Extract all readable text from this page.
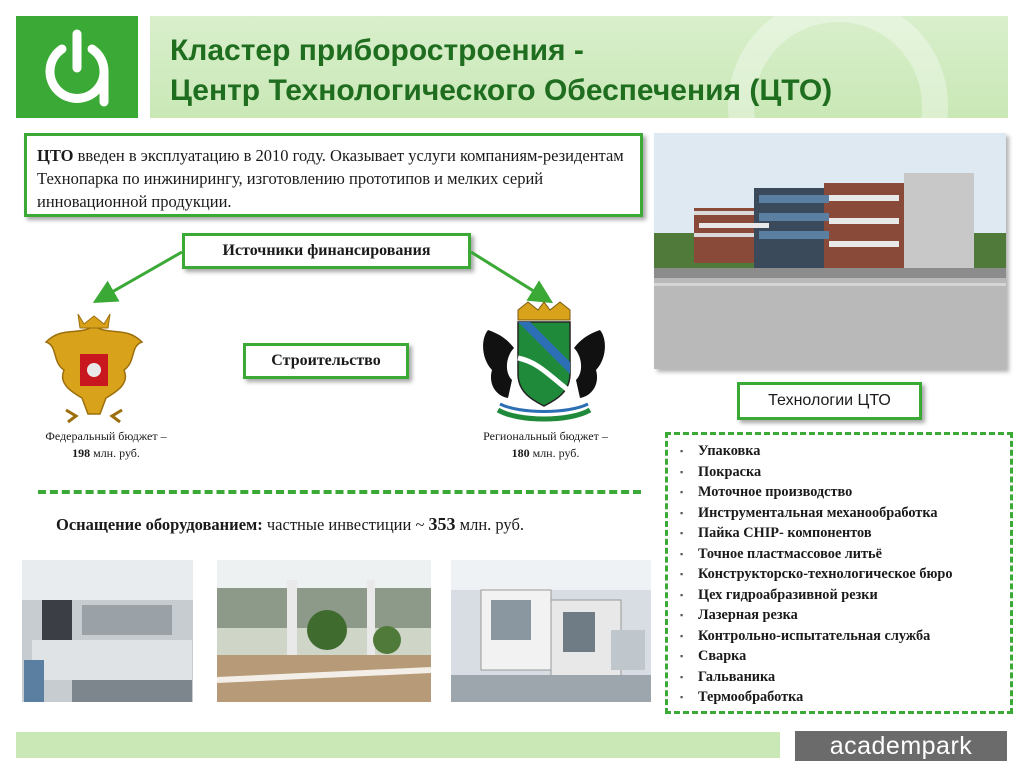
Кластер приборостроения -
Центр Технологического Обеспечения (ЦТО)
ЦТО введен в эксплуатацию в 2010 году. Оказывает услуги компаниям-резидентам Технопарка по инжинирингу, изготовлению прототипов и мелких серий инновационной продукции.
Источники финансирования
Федеральный бюджет –
198 млн. руб.
Строительство
Региональный бюджет –
180 млн. руб.
Технологии ЦТО
Оснащение оборудованием: частные инвестиции ~ 353 млн. руб.
▪ Упаковка
▪ Покраска
▪ Моточное производство
▪ Инструментальная механообработка
▪ Пайка CHIP- компонентов
▪ Точное пластмассовое литьё
▪ Конструкторско-технологическое бюро
▪ Цех гидроабразивной резки
▪ Лазерная резка
▪ Контрольно-испытательная служба
▪ Сварка
▪ Гальваника
▪ Термообработка
academpark
